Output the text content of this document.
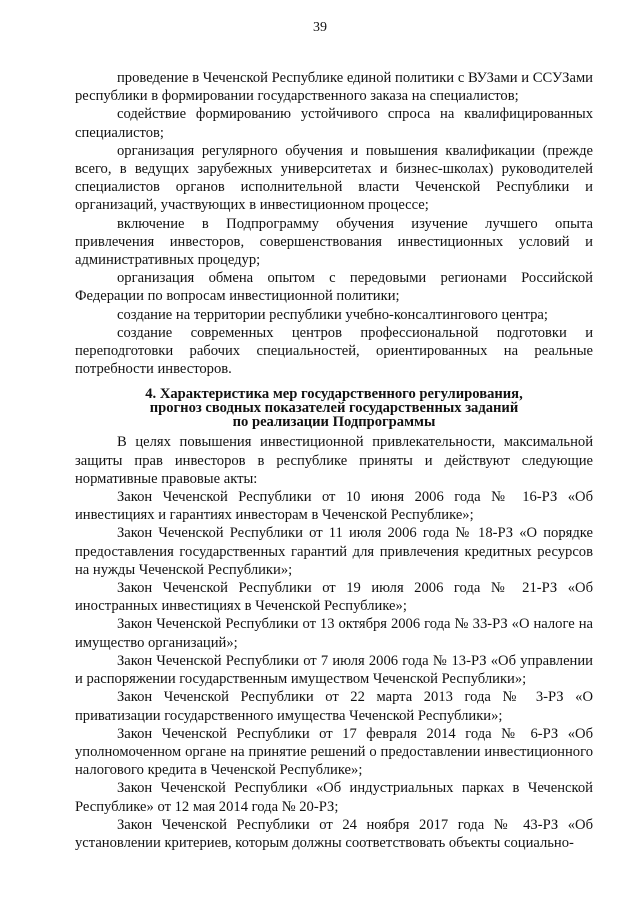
39

проведение в Чеченской Республике единой политики с ВУЗами и ССУЗами республики в формировании государственного заказа на специалистов;

содействие формированию устойчивого спроса на квалифицированных специалистов;

организация регулярного обучения и повышения квалификации (прежде всего, в ведущих зарубежных университетах и бизнес-школах) руководителей специалистов органов исполнительной власти Чеченской Республики и организаций, участвующих в инвестиционном процессе;

включение в Подпрограмму обучения изучение лучшего опыта привлечения инвесторов, совершенствования инвестиционных условий и административных процедур;

организация обмена опытом с передовыми регионами Российской Федерации по вопросам инвестиционной политики;

создание на территории республики учебно-консалтингового центра;

создание современных центров профессиональной подготовки и переподготовки рабочих специальностей, ориентированных на реальные потребности инвесторов.

4. Характеристика мер государственного регулирования,
прогноз сводных показателей государственных заданий
по реализации Подпрограммы

В целях повышения инвестиционной привлекательности, максимальной защиты прав инвесторов в республике приняты и действуют следующие нормативные правовые акты:

Закон Чеченской Республики от 10 июня 2006 года № 16-РЗ «Об инвестициях и гарантиях инвесторам в Чеченской Республике»;

Закон Чеченской Республики от 11 июля 2006 года № 18-РЗ «О порядке предоставления государственных гарантий для привлечения кредитных ресурсов на нужды Чеченской Республики»;

Закон Чеченской Республики от 19 июля 2006 года № 21-РЗ «Об иностранных инвестициях в Чеченской Республике»;

Закон Чеченской Республики от 13 октября 2006 года № 33-РЗ «О налоге на имущество организаций»;

Закон Чеченской Республики от 7 июля 2006 года № 13-РЗ «Об управлении и распоряжении государственным имуществом Чеченской Республики»;

Закон Чеченской Республики от 22 марта 2013 года № 3-РЗ «О приватизации государственного имущества Чеченской Республики»;

Закон Чеченской Республики от 17 февраля 2014 года № 6-РЗ «Об уполномоченном органе на принятие решений о предоставлении инвестиционного налогового кредита в Чеченской Республике»;

Закон Чеченской Республики «Об индустриальных парках в Чеченской Республике» от 12 мая 2014 года № 20-РЗ;

Закон Чеченской Республики от 24 ноября 2017 года № 43-РЗ «Об установлении критериев, которым должны соответствовать объекты социально-
